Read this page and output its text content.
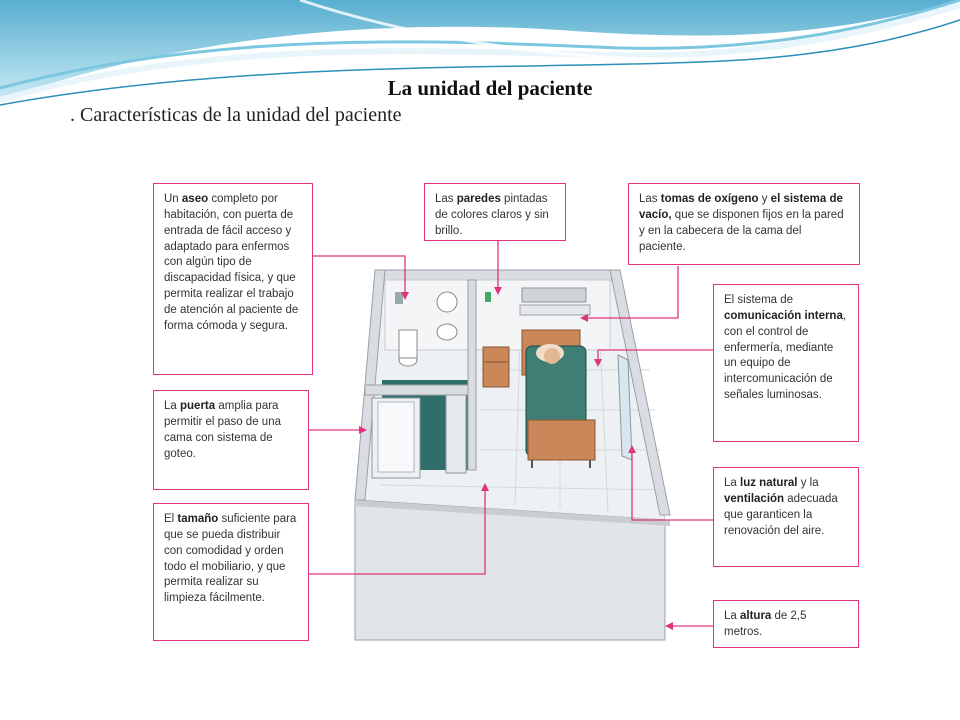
La unidad del paciente
. Características de la unidad del paciente
Un aseo completo por habitación, con puerta de entrada de fácil acceso y adaptado para enfermos con algún tipo de discapacidad física, y que permita realizar el trabajo de atención al paciente de forma cómoda y segura.
Las paredes pintadas de colores claros y sin brillo.
Las tomas de oxígeno y el sistema de vacío, que se disponen fijos en la pared y en la cabecera de la cama del paciente.
El sistema de comunicación interna, con el control de enfermería, mediante un equipo de intercomunicación de señales luminosas.
La puerta amplia para permitir el paso de una cama con sistema de goteo.
La luz natural y la ventilación adecuada que garanticen la renovación del aire.
El tamaño suficiente para que se pueda distribuir con comodidad y orden todo el mobiliario, y que permita realizar su limpieza fácilmente.
La altura de 2,5 metros.
